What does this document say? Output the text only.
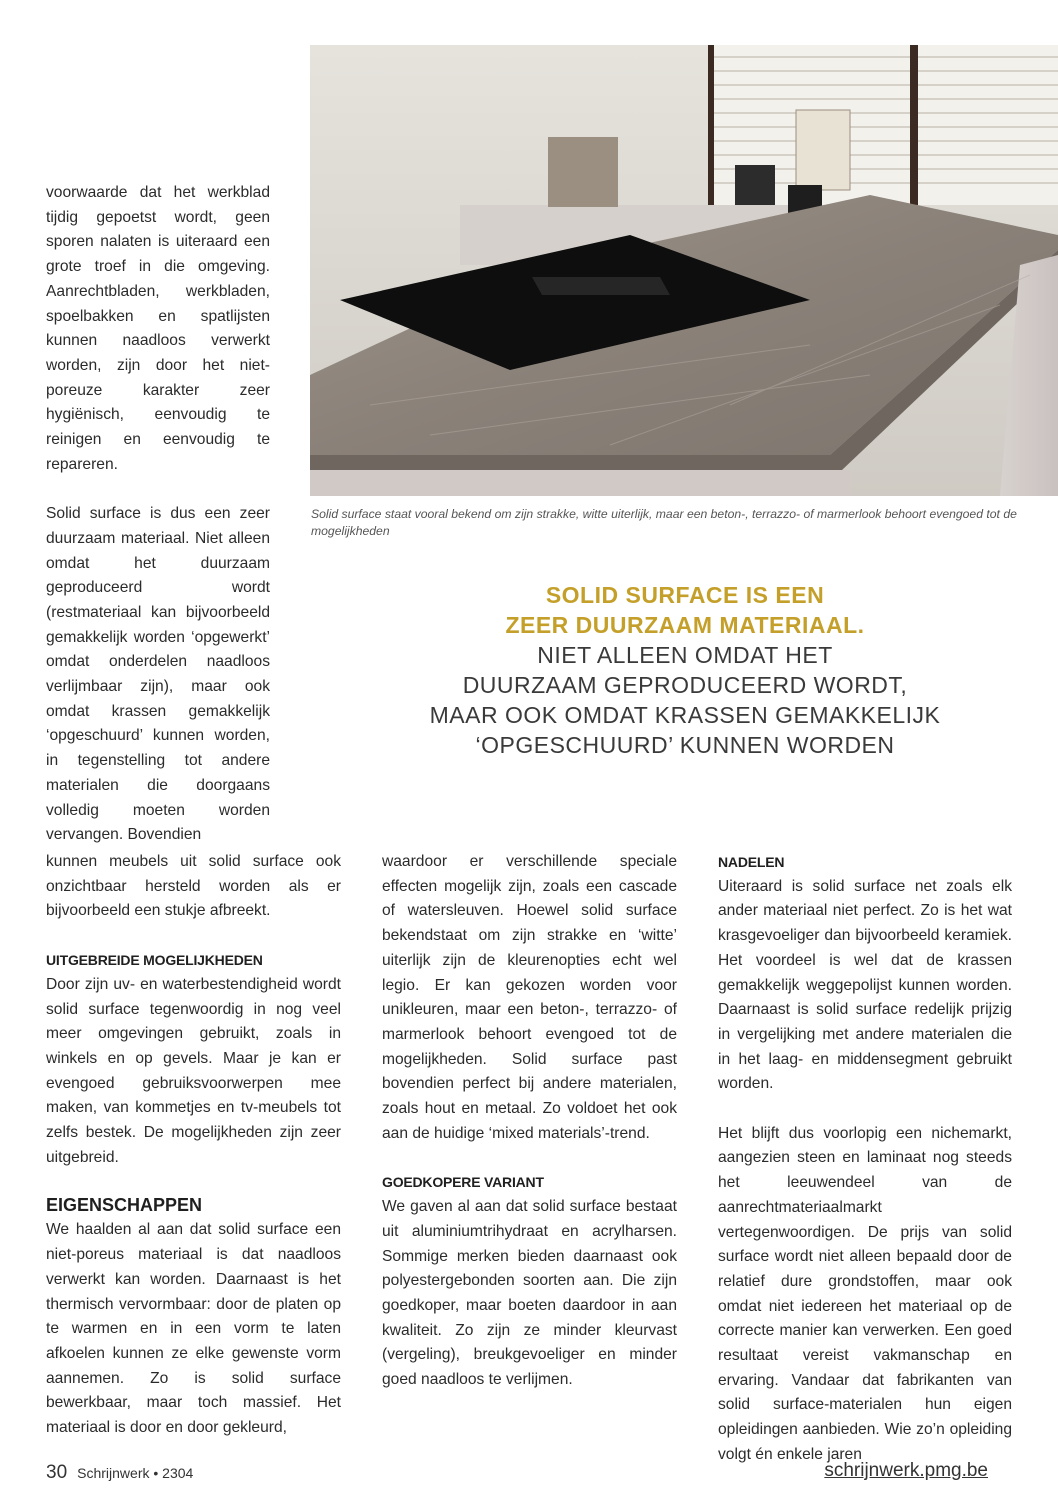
Solid surface staat vooral bekend om zijn strakke, witte uiterlijk, maar een beton-, terrazzo- of marmerlook behoort evengoed tot de mogelijkheden
SOLID SURFACE IS EEN
ZEER DUURZAAM MATERIAAL.
NIET ALLEEN OMDAT HET
DUURZAAM GEPRODUCEERD WORDT,
MAAR OOK OMDAT KRASSEN GEMAKKELIJK
‘OPGESCHUURD’ KUNNEN WORDEN

voorwaarde dat het werkblad tijdig gepoetst wordt, geen sporen nalaten is uiteraard een grote troef in die omgeving. Aanrechtbladen, werkbladen, spoelbakken en spatlijsten kunnen naadloos verwerkt worden, zijn door het niet-poreuze karakter zeer hygiënisch, eenvoudig te reinigen en eenvoudig te repareren.

Solid surface is dus een zeer duurzaam materiaal. Niet alleen omdat het duurzaam geproduceerd wordt (restmateriaal kan bijvoorbeeld gemakkelijk worden ‘opgewerkt’ omdat onderdelen naadloos verlijmbaar zijn), maar ook omdat krassen gemakkelijk ‘opgeschuurd’ kunnen worden, in tegenstelling tot andere materialen die doorgaans volledig moeten worden vervangen. Bovendien

kunnen meubels uit solid surface ook onzichtbaar hersteld worden als er bijvoorbeeld een stukje afbreekt.

UITGEBREIDE MOGELIJKHEDEN

Door zijn uv- en waterbestendigheid wordt solid surface tegenwoordig in nog veel meer omgevingen gebruikt, zoals in winkels en op gevels. Maar je kan er evengoed gebruiksvoorwerpen mee maken, van kommetjes en tv-meubels tot zelfs bestek. De mogelijkheden zijn zeer uitgebreid.

EIGENSCHAPPEN

We haalden al aan dat solid surface een niet-poreus materiaal is dat naadloos verwerkt kan worden. Daarnaast is het thermisch vervormbaar: door de platen op te warmen en in een vorm te laten afkoelen kunnen ze elke gewenste vorm aannemen. Zo is solid surface bewerkbaar, maar toch massief. Het materiaal is door en door gekleurd,

waardoor er verschillende speciale effecten mogelijk zijn, zoals een cascade of watersleuven. Hoewel solid surface bekendstaat om zijn strakke en ‘witte’ uiterlijk zijn de kleurenopties echt wel legio. Er kan gekozen worden voor unikleuren, maar een beton-, terrazzo- of marmerlook behoort evengoed tot de mogelijkheden. Solid surface past bovendien perfect bij andere materialen, zoals hout en metaal. Zo voldoet het ook aan de huidige ‘mixed materials’-trend.

GOEDKOPERE VARIANT

We gaven al aan dat solid surface bestaat uit aluminiumtrihydraat en acrylharsen. Sommige merken bieden daarnaast ook polyestergebonden soorten aan. Die zijn goedkoper, maar boeten daardoor in aan kwaliteit. Zo zijn ze minder kleurvast (vergeling), breukgevoeliger en minder goed naadloos te verlijmen.

NADELEN

Uiteraard is solid surface net zoals elk ander materiaal niet perfect. Zo is het wat krasgevoeliger dan bijvoorbeeld keramiek. Het voordeel is wel dat de krassen gemakkelijk weggepolijst kunnen worden. Daarnaast is solid surface redelijk prijzig in vergelijking met andere materialen die in het laag- en middensegment gebruikt worden.

Het blijft dus voorlopig een nichemarkt, aangezien steen en laminaat nog steeds het leeuwendeel van de aanrechtmateriaalmarkt vertegenwoordigen. De prijs van solid surface wordt niet alleen bepaald door de relatief dure grondstoffen, maar ook omdat niet iedereen het materiaal op de correcte manier kan verwerken. Een goed resultaat vereist vakmanschap en ervaring. Vandaar dat fabrikanten van solid surface-materialen hun eigen opleidingen aanbieden. Wie zo’n opleiding volgt én enkele jaren

30 Schrijnwerk • 2304	schrijnwerk.pmg.be
